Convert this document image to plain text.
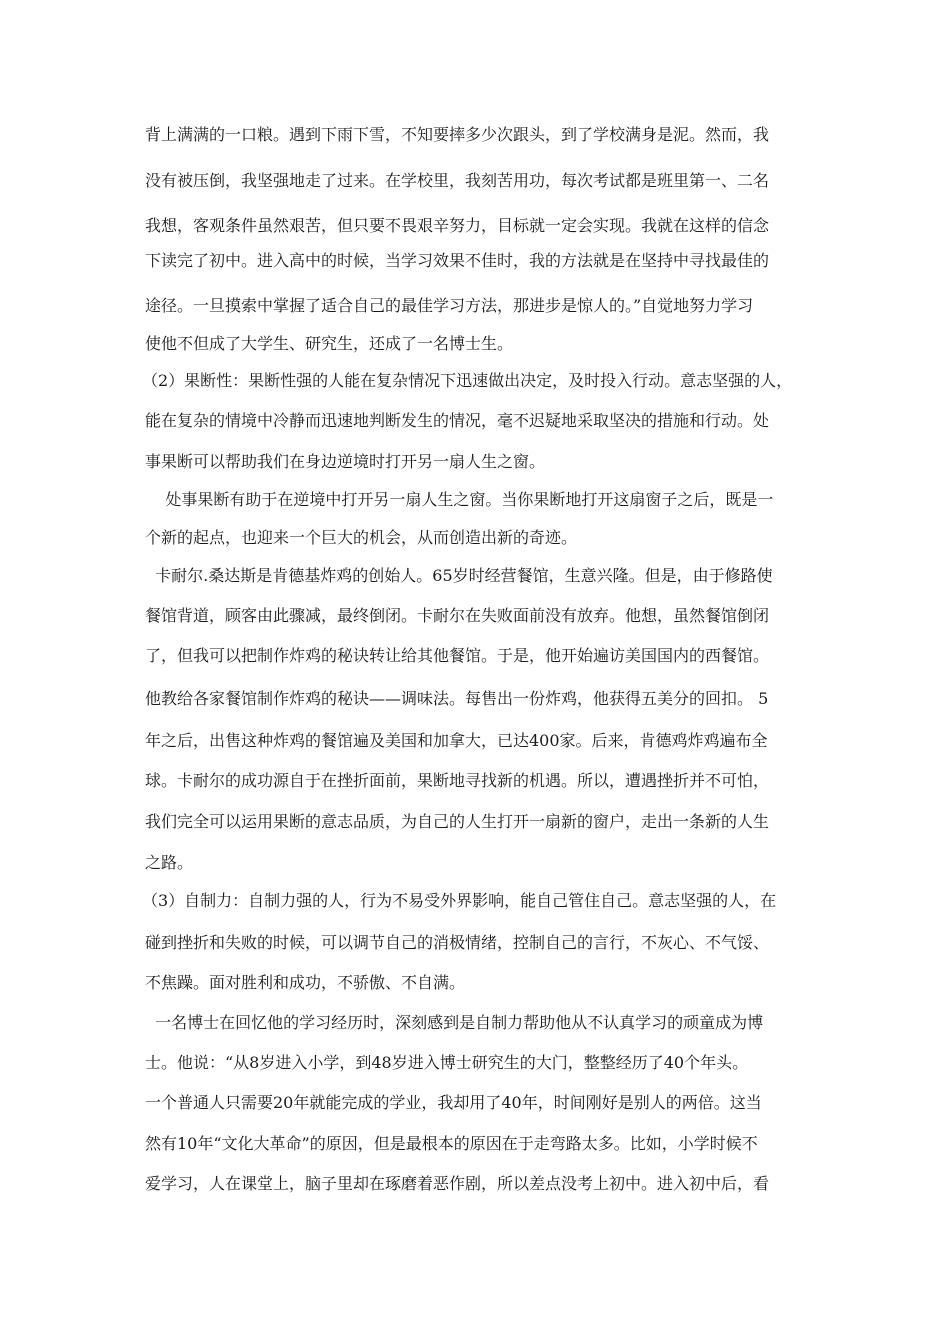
背上满满的一口粮。遇到下雨下雪，不知要摔多少次跟头，到了学校满身是泥。然而，我
没有被压倒，我坚强地走了过来。在学校里，我刻苦用功，每次考试都是班里第一、二名
我想，客观条件虽然艰苦，但只要不畏艰辛努力，目标就一定会实现。我就在这样的信念
下读完了初中。进入高中的时候，当学习效果不佳时，我的方法就是在坚持中寻找最佳的
途径。一旦摸索中掌握了适合自己的最佳学习方法，那进步是惊人的。”自觉地努力学习
使他不但成了大学生、研究生，还成了一名博士生。
（2）果断性：果断性强的人能在复杂情况下迅速做出决定，及时投入行动。意志坚强的人，
能在复杂的情境中冷静而迅速地判断发生的情况，毫不迟疑地采取坚决的措施和行动。处
事果断可以帮助我们在身边逆境时打开另一扇人生之窗。
处事果断有助于在逆境中打开另一扇人生之窗。当你果断地打开这扇窗子之后，既是一
个新的起点，也迎来一个巨大的机会，从而创造出新的奇迹。
卡耐尔.桑达斯是肯德基炸鸡的创始人。65岁时经营餐馆，生意兴隆。但是，由于修路使
餐馆背道，顾客由此骤减，最终倒闭。卡耐尔在失败面前没有放弃。他想，虽然餐馆倒闭
了，但我可以把制作炸鸡的秘诀转让给其他餐馆。于是，他开始遍访美国国内的西餐馆。
他教给各家餐馆制作炸鸡的秘诀——调味法。每售出一份炸鸡，他获得五美分的回扣。 5
年之后，出售这种炸鸡的餐馆遍及美国和加拿大，已达400家。后来，肯德鸡炸鸡遍布全
球。卡耐尔的成功源自于在挫折面前，果断地寻找新的机遇。所以，遭遇挫折并不可怕，
我们完全可以运用果断的意志品质，为自己的人生打开一扇新的窗户，走出一条新的人生
之路。
（3）自制力：自制力强的人，行为不易受外界影响，能自己管住自己。意志坚强的人，在
碰到挫折和失败的时候，可以调节自己的消极情绪，控制自己的言行，不灰心、不气馁、
不焦躁。面对胜利和成功，不骄傲、不自满。
一名博士在回忆他的学习经历时，深刻感到是自制力帮助他从不认真学习的顽童成为博
士。他说：“从8岁进入小学，到48岁进入博士研究生的大门，整整经历了40个年头。
一个普通人只需要20年就能完成的学业，我却用了40年，时间刚好是别人的两倍。这当
然有10年“文化大革命”的原因，但是最根本的原因在于走弯路太多。比如，小学时候不
爱学习，人在课堂上，脑子里却在琢磨着恶作剧，所以差点没考上初中。进入初中后，看
